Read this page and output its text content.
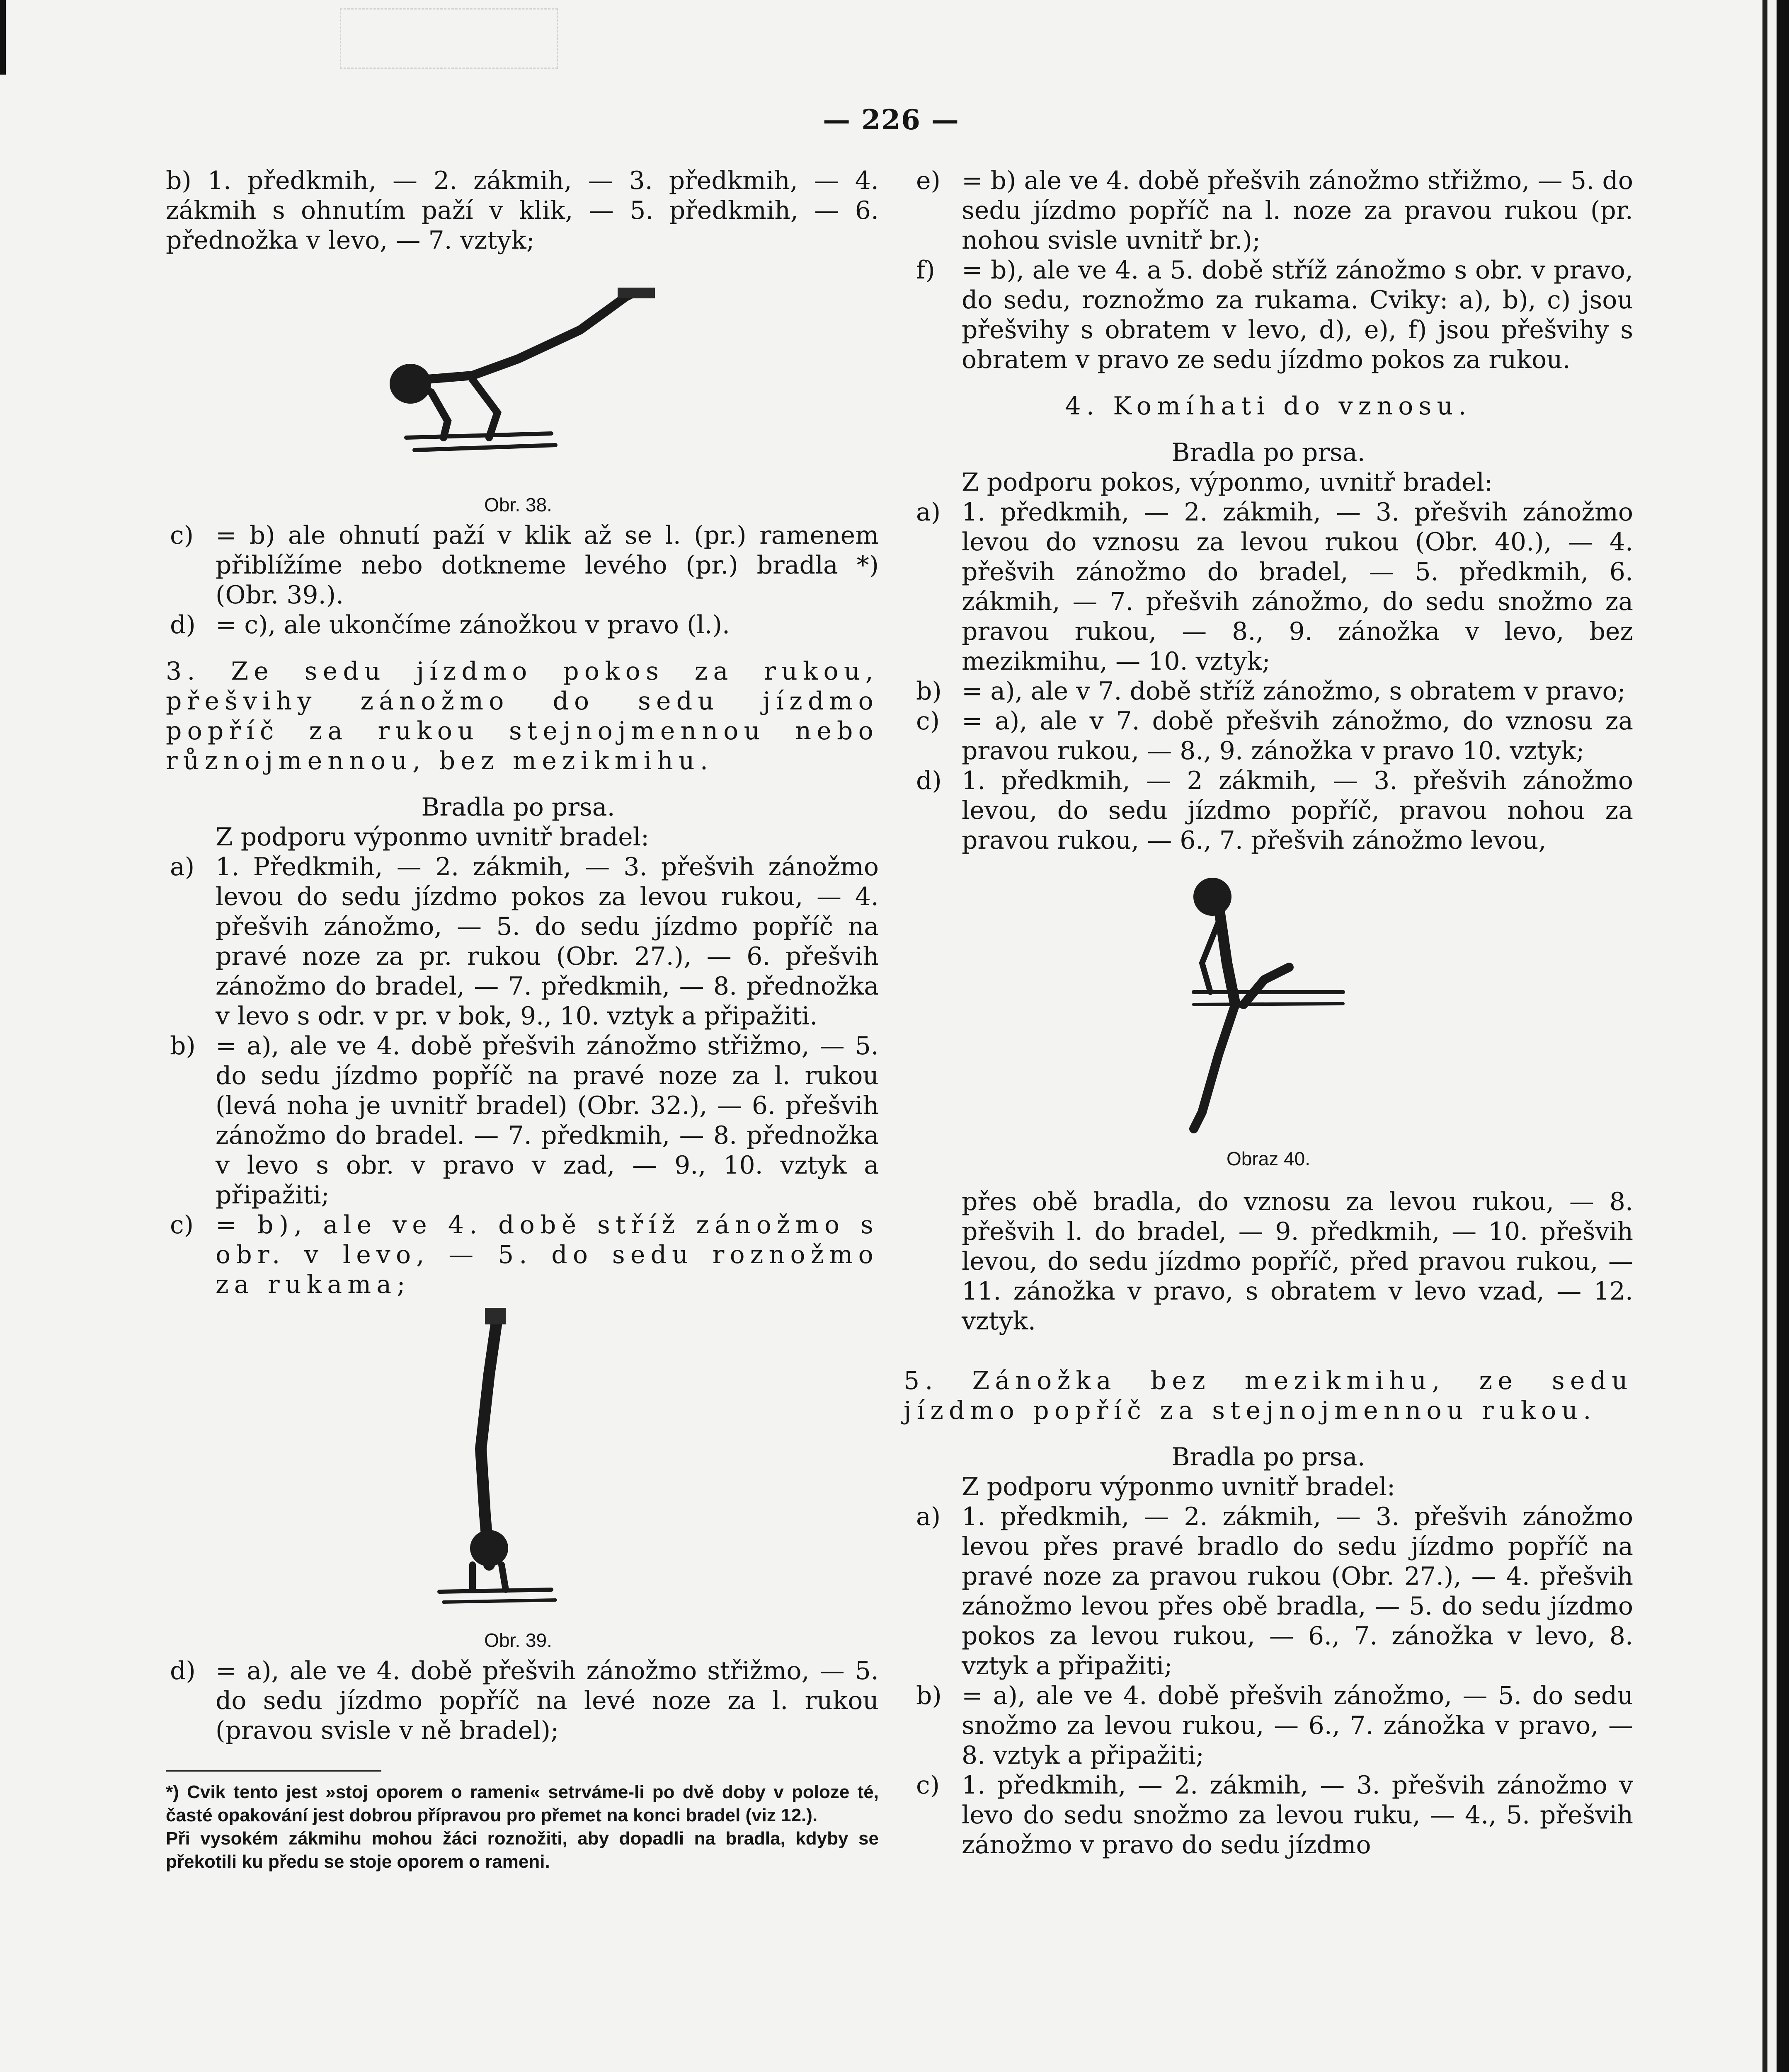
— 226 —

b) 1. předkmih, — 2. zákmih, — 3. předkmih, — 4. zákmih s ohnutím paží v klik, — 5. předkmih, — 6. přednožka v levo, — 7. vztyk;

Obr. 38.

c) = b) ale ohnutí paží v klik až se l. (pr.) ramenem přiblížíme nebo dotkneme levého (pr.) bradla *) (Obr. 39.).

d) = c), ale ukončíme zánožkou v pravo (l.).

3. Ze sedu jízdmo pokos za rukou, přešvihy zánožmo do sedu jízdmo popříč za rukou stejnojmennou nebo různojmennou, bez mezikmihu.

Bradla po prsa.

Z podporu výponmo uvnitř bradel:

a) 1. Předkmih, — 2. zákmih, — 3. přešvih zánožmo levou do sedu jízdmo pokos za levou rukou, — 4. přešvih zánožmo, — 5. do sedu jízdmo popříč na pravé noze za pr. rukou (Obr. 27.), — 6. přešvih zánožmo do bradel, — 7. předkmih, — 8. přednožka v levo s odr. v pr. v bok, 9., 10. vztyk a připažiti.

b) = a), ale ve 4. době přešvih zánožmo střižmo, — 5. do sedu jízdmo popříč na pravé noze za l. rukou (levá noha je uvnitř bradel) (Obr. 32.), — 6. přešvih zánožmo do bradel. — 7. předkmih, — 8. přednožka v levo s obr. v pravo v zad, — 9., 10. vztyk a připažiti;

c) = b), ale ve 4. době stříž zánožmo s obr. v levo, — 5. do sedu roznožmo za rukama;

Obr. 39.

d) = a), ale ve 4. době přešvih zánožmo střižmo, — 5. do sedu jízdmo popříč na levé noze za l. rukou (pravou svisle v ně bradel);

*) Cvik tento jest »stoj oporem o rameni« setrváme-li po dvě doby v poloze té, časté opakování jest dobrou přípravou pro přemet na konci bradel (viz 12.).

Při vysokém zákmihu mohou žáci roznožiti, aby dopadli na bradla, kdyby se překotili ku předu se stoje oporem o rameni.

e) = b) ale ve 4. době přešvih zánožmo střižmo, — 5. do sedu jízdmo popříč na l. noze za pravou rukou (pr. nohou svisle uvnitř br.);

f) = b), ale ve 4. a 5. době stříž zánožmo s obr. v pravo, do sedu, roznožmo za rukama. Cviky: a), b), c) jsou přešvihy s obratem v levo, d), e), f) jsou přešvihy s obratem v pravo ze sedu jízdmo pokos za rukou.

4. Komíhati do vznosu.

Bradla po prsa.

Z podporu pokos, výponmo, uvnitř bradel:

a) 1. předkmih, — 2. zákmih, — 3. přešvih zánožmo levou do vznosu za levou rukou (Obr. 40.), — 4. přešvih zánožmo do bradel, — 5. předkmih, 6. zákmih, — 7. přešvih zánožmo, do sedu snožmo za pravou rukou, — 8., 9. zánožka v levo, bez mezikmihu, — 10. vztyk;

b) = a), ale v 7. době stříž zánožmo, s obratem v pravo;

c) = a), ale v 7. době přešvih zánožmo, do vznosu za pravou rukou, — 8., 9. zánožka v pravo 10. vztyk;

d) 1. předkmih, — 2 zákmih, — 3. přešvih zánožmo levou, do sedu jízdmo popříč, pravou nohou za pravou rukou, — 6., 7. přešvih zánožmo levou,

Obraz 40.

přes obě bradla, do vznosu za levou rukou, — 8. přešvih l. do bradel, — 9. předkmih, — 10. přešvih levou, do sedu jízdmo popříč, před pravou rukou, — 11. zánožka v pravo, s obratem v levo vzad, — 12. vztyk.

5. Zánožka bez mezikmihu, ze sedu jízdmo popříč za stejnojmennou rukou.

Bradla po prsa.

Z podporu výponmo uvnitř bradel:

a) 1. předkmih, — 2. zákmih, — 3. přešvih zánožmo levou přes pravé bradlo do sedu jízdmo popříč na pravé noze za pravou rukou (Obr. 27.), — 4. přešvih zánožmo levou přes obě bradla, — 5. do sedu jízdmo pokos za levou rukou, — 6., 7. zánožka v levo, 8. vztyk a připažiti;

b) = a), ale ve 4. době přešvih zánožmo, — 5. do sedu snožmo za levou rukou, — 6., 7. zánožka v pravo, — 8. vztyk a připažiti;

c) 1. předkmih, — 2. zákmih, — 3. přešvih zánožmo v levo do sedu snožmo za levou ruku, — 4., 5. přešvih zánožmo v pravo do sedu jízdmo
